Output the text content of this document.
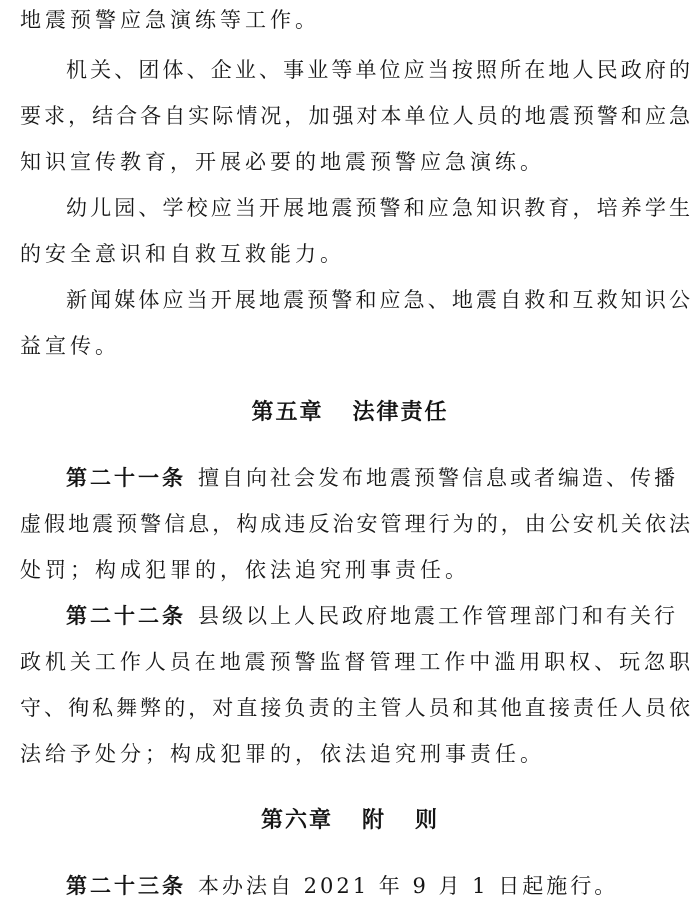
地震预警应急演练等工作。
机关、团体、企业、事业等单位应当按照所在地人民政府的
要求，结合各自实际情况，加强对本单位人员的地震预警和应急
知识宣传教育，开展必要的地震预警应急演练。
幼儿园、学校应当开展地震预警和应急知识教育，培养学生
的安全意识和自救互救能力。
新闻媒体应当开展地震预警和应急、地震自救和互救知识公
益宣传。
第五章   法律责任
第二十一条 擅自向社会发布地震预警信息或者编造、传播
虚假地震预警信息，构成违反治安管理行为的，由公安机关依法
处罚；构成犯罪的，依法追究刑事责任。
第二十二条 县级以上人民政府地震工作管理部门和有关行
政机关工作人员在地震预警监督管理工作中滥用职权、玩忽职
守、徇私舞弊的，对直接负责的主管人员和其他直接责任人员依
法给予处分；构成犯罪的，依法追究刑事责任。
第六章   附   则
第二十三条 本办法自 2021 年 9 月 1 日起施行。
